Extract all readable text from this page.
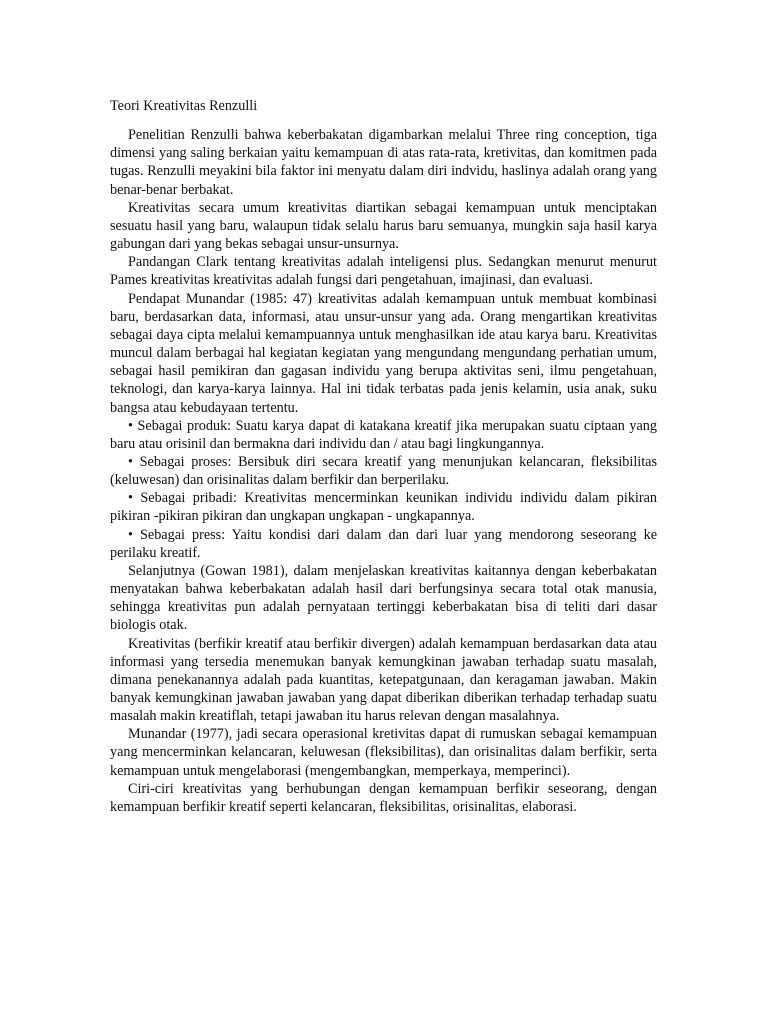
Teori Kreativitas Renzulli

Penelitian Renzulli bahwa keberbakatan digambarkan melalui Three ring conception, tiga dimensi yang saling berkaian yaitu kemampuan di atas rata-rata, kretivitas, dan komitmen pada tugas. Renzulli meyakini bila faktor ini menyatu dalam diri indvidu, haslinya adalah orang yang benar-benar berbakat.

Kreativitas secara umum kreativitas diartikan sebagai kemampuan untuk menciptakan sesuatu hasil yang baru, walaupun tidak selalu harus baru semuanya, mungkin saja hasil karya gabungan dari yang bekas sebagai unsur-unsurnya.

Pandangan Clark tentang kreativitas adalah inteligensi plus. Sedangkan menurut menurut Pames kreativitas kreativitas adalah fungsi dari pengetahuan, imajinasi, dan evaluasi.

Pendapat Munandar (1985: 47) kreativitas adalah kemampuan untuk membuat kombinasi baru, berdasarkan data, informasi, atau unsur-unsur yang ada. Orang mengartikan kreativitas sebagai daya cipta melalui kemampuannya untuk menghasilkan ide atau karya baru. Kreativitas muncul dalam berbagai hal kegiatan kegiatan yang mengundang mengundang perhatian umum, sebagai hasil pemikiran dan gagasan individu yang berupa aktivitas seni, ilmu pengetahuan, teknologi, dan karya-karya lainnya. Hal ini tidak terbatas pada jenis kelamin, usia anak, suku bangsa atau kebudayaan tertentu.

• Sebagai produk: Suatu karya dapat di katakana kreatif jika merupakan suatu ciptaan yang baru atau orisinil dan bermakna dari individu dan / atau bagi lingkungannya.

• Sebagai proses: Bersibuk diri secara kreatif yang menunjukan kelancaran, fleksibilitas (keluwesan) dan orisinalitas dalam berfikir dan berperilaku.

• Sebagai pribadi: Kreativitas mencerminkan keunikan individu individu dalam pikiran pikiran -pikiran pikiran dan ungkapan ungkapan - ungkapannya.

• Sebagai press: Yaitu kondisi dari dalam dan dari luar yang mendorong seseorang ke perilaku kreatif.

Selanjutnya (Gowan 1981), dalam menjelaskan kreativitas kaitannya dengan keberbakatan menyatakan bahwa keberbakatan adalah hasil dari berfungsinya secara total otak manusia, sehingga kreativitas pun adalah pernyataan tertinggi keberbakatan bisa di teliti dari dasar biologis otak.

Kreativitas (berfikir kreatif atau berfikir divergen) adalah kemampuan berdasarkan data atau informasi yang tersedia menemukan banyak kemungkinan jawaban terhadap suatu masalah, dimana penekanannya adalah pada kuantitas, ketepatgunaan, dan keragaman jawaban. Makin banyak kemungkinan jawaban jawaban yang dapat diberikan diberikan terhadap terhadap suatu masalah makin kreatiflah, tetapi jawaban itu harus relevan dengan masalahnya.

Munandar (1977), jadi secara operasional kretivitas dapat di rumuskan sebagai kemampuan yang mencerminkan kelancaran, keluwesan (fleksibilitas), dan orisinalitas dalam berfikir, serta kemampuan untuk mengelaborasi (mengembangkan, memperkaya, memperinci).

Ciri-ciri kreativitas yang berhubungan dengan kemampuan berfikir seseorang, dengan kemampuan berfikir kreatif seperti kelancaran, fleksibilitas, orisinalitas, elaborasi.
